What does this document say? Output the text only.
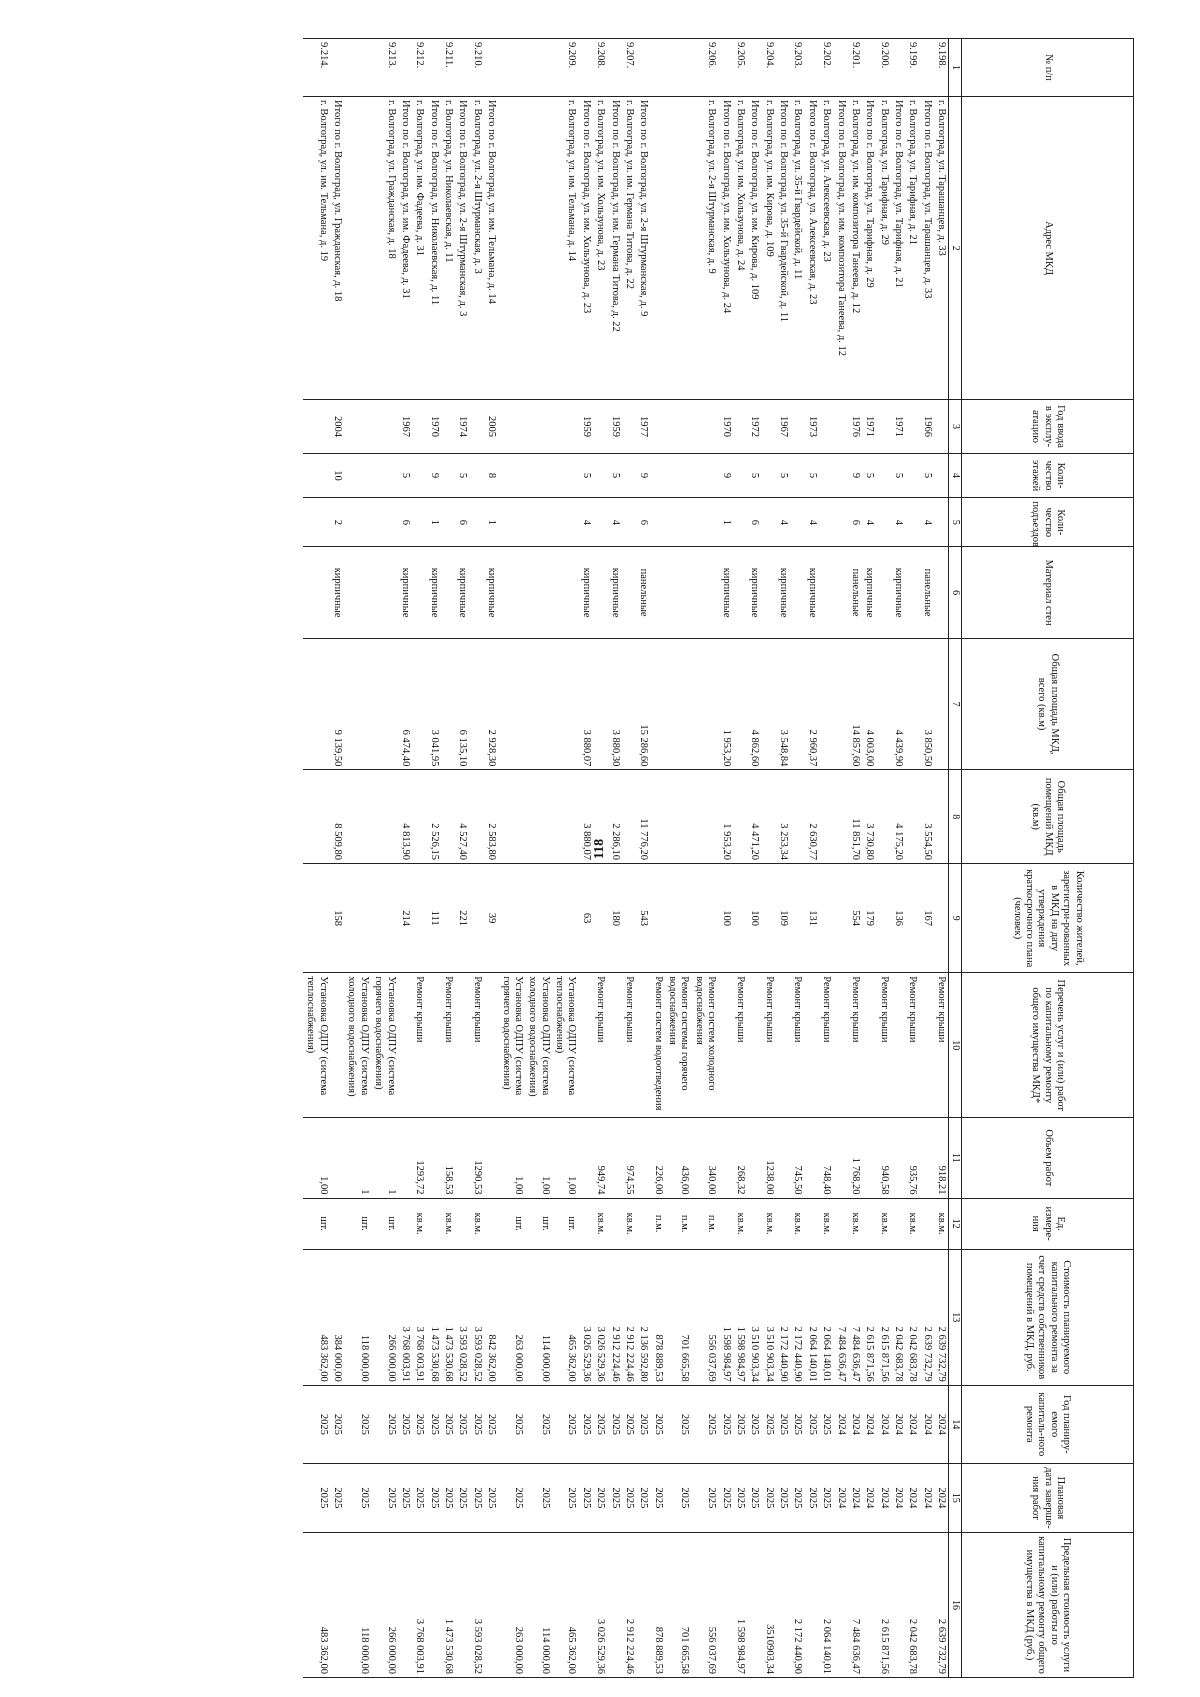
118
№ п/п	Адрес МКД	Год ввода в эксплу-атацию	Коли-чество этажей	Коли-чество подъездов	Материал стен	Общая площадь МКД, всего (кв.м)	Общая площадь помещений МКД (кв.м)	Количество жителей, зарегистри-рованных в МКД на дату утверждения краткосрочного плана (человек)	Перечень услуг и (или) работ по капитальному ремонту общего имущества МКД*	Объем работ	Ед. измере-ния	Стоимость планируемого капитального ремонта за счет средств собственников помещений в МКД, руб.	Год планиру-емого капиталь-ного ремонта	Плановая дата заверше-ния работ	Предельная стоимость услуги и (или) работы по капитальному ремонту общего имущества в МКД (руб.)
1	2	3	4	5	6	7	8	9	10	11	12	13	14	15	16
9.198.	г. Волгоград, ул. Тарашанцев, д. 33								Ремонт крыши	918,21	кв.м.	2 639 732,79	2024	2024	2 639 732,79
	Итого по г. Волгоград, ул. Тарашанцев, д. 33	1966	5	4	панельные	3 850,50	3 554,50	167				2 639 732,79	2024	2024	
9.199.	г. Волгоград, ул. Тарифная, д. 21								Ремонт крыши	935,76	кв.м.	2 042 683,78	2024	2024	2 042 683,78
	Итого по г. Волгоград, ул. Тарифная, д. 21	1971	5	4	кирпичные	4 439,90	4 175,20	136				2 042 683,78	2024	2024	
9.200.	г. Волгоград, ул. Тарифная, д. 29								Ремонт крыши	940,58	кв.м.	2 615 871,56	2024	2024	2 615 871,56
	Итого по г. Волгоград, ул. Тарифная, д. 29	1971	5	4	кирпичные	4 003,00	3 730,80	179				2 615 871,56	2024	2024	
9.201.	г. Волгоград, ул. им. композитора Танеева, д. 12	1976	9	6	панельные	14 857,60	11 851,70	554	Ремонт крыши	1 768,20	кв.м.	7 484 636,47	2024	2024	7 484 636,47
	Итого по г. Волгоград, ул. им. композитора Танеева, д. 12											7 484 636,47	2024	2024	
9.202.	г. Волгоград, ул. Алексеевская, д. 23								Ремонт крыши	748,40	кв.м.	2 064 140,01	2025	2025	2 064 140,01
	Итого по г. Волгоград, ул. Алексеевская, д. 23	1973	5	4	кирпичные	2 960,37	2 630,77	131				2 064 140,01	2025	2025	
9.203.	г. Волгоград, ул. 35-й Гвардейской, д. 11								Ремонт крыши	745,50	кв.м.	2 172 440,90	2025	2025	2 172 440,90
	Итого по г. Волгоград, ул. 35-й Гвардейской, д. 11	1967	5	4	кирпичные	3 548,84	3 253,34	109				2 172 440,90	2025	2025	
9.204.	г. Волгоград, ул. им. Кирова, д. 109								Ремонт крыши	1238,00	кв.м.	3 510 903,34	2025	2025	3510903,34
	Итого по г. Волгоград, ул. им. Кирова, д. 109	1972	5	6	кирпичные	4 862,60	4 471,20	100				3 510 903,34	2025	2025	
9.205.	г. Волгоград, ул. им. Хользунова, д. 24								Ремонт крыши	268,32	кв.м.	1 598 984,97	2025	2025	1 598 984,97
	Итого по г. Волгоград, ул. им. Хользунова, д. 24	1970	9	1	кирпичные	1 953,20	1 953,20	100				1 598 984,97	2025	2025	
9.206.	г. Волгоград, ул. 2-я Штурманская, д. 9								Ремонт систем холодного водоснабжения	340,00	п.м.	556 037,69	2025	2025	556 037,69
									Ремонт системы горячего водоснабжения	436,00	п.м.	701 665,58	2025	2025	701 665,58
									Ремонт систем водоотведения	226,00	п.м.	878 889,53	2025	2025	878 889,53
	Итого по г. Волгоград, ул. 2-я Штурманская, д. 9	1977	9	6	панельные	15 286,60	11 776,20	543				2 136 592,80	2025	2025	
9.207.	г. Волгоград, ул. им. Германа Титова, д. 22								Ремонт крыши	974,55	кв.м.	2 912 224,46	2025	2025	2 912 224,46
	Итого по г. Волгоград, ул. им. Германа Титова, д. 22	1959	5	4	кирпичные	3 880,30	2 286,10	180				2 912 224,46	2025	2025	
9.208.	г. Волгоград, ул. им. Хользунова, д. 23								Ремонт крыши	949,74	кв.м.	3 026 529,36	2025	2025	3 026 529,36
	Итого по г. Волгоград, ул. им. Хользунова, д. 23	1959	5	4	кирпичные	3 880,07	3 880,07	63				3 026 529,36	2025	2025	
9.209.	г. Волгоград, ул. им. Тельмана, д. 14								Установка ОДПУ (система теплоснабжения)	1,00	шт.	465 362,00	2025	2025	465 362,00
									Установка ОДПУ (система холодного водоснабжения)	1,00	шт.	114 000,00	2025	2025	114 000,00
									Установка ОДПУ (система горячего водоснабжения)	1,00	шт.	263 000,00	2025	2025	263 000,00
	Итого по г. Волгоград, ул. им. Тельмана, д. 14	2005	8	1	кирпичные	2 928,30	2 583,80	39				842 362,00	2025	2025	
9.210.	г. Волгоград, ул. 2-я Штурманская, д. 3								Ремонт крыши	1290,53	кв.м.	3 593 028,52	2025	2025	3 593 028,52
	Итого по г. Волгоград, ул. 2-я Штурманская, д. 3	1974	5	6	кирпичные	6 135,10	4 527,40	221				3 593 028,52	2025	2025	
9.211.	г. Волгоград, ул. Николаевская, д. 11								Ремонт крыши	158,53	кв.м.	1 473 530,68	2025	2025	1 473 530,68
	Итого по г. Волгоград, ул. Николаевская, д. 11	1970	9	1	кирпичные	3 041,95	2 526,15	111				1 473 530,68	2025	2025	
9.212.	г. Волгоград, ул. им. Фадеева, д. 31								Ремонт крыши	1293,72	кв.м.	3 768 003,91	2025	2025	3 768 003,91
	Итого по г. Волгоград, ул. им. Фадеева, д. 31	1967	5	6	кирпичные	6 474,40	4 813,90	214				3 768 003,91	2025	2025	
9.213.	г. Волгоград, ул. Гражданская, д. 18								Установка ОДПУ (система горячего водоснабжения)	1	шт.	266 000,00	2025	2025	266 000,00
									Установка ОДПУ (система холодного водоснабжения)	1	шт.	118 000,00	2025	2025	118 000,00
	Итого по г. Волгоград, ул. Гражданская, д. 18	2004	10	2	кирпичные	9 139,50	8 509,80	158				384 000,00	2025	2025	
9.214.	г. Волгоград, ул. им. Тельмана, д. 19								Установка ОДПУ (система теплоснабжения)	1,00	шт.	483 362,00	2025	2025	483 362,00
